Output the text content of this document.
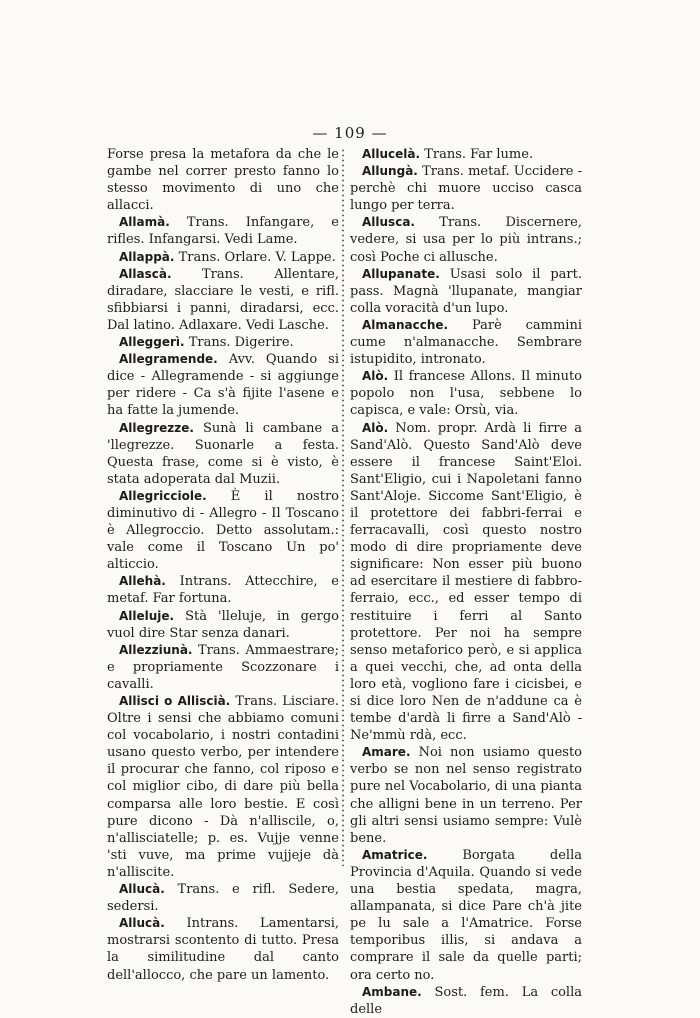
— 109 —

Forse presa la metafora da che le gambe nel correr presto fanno lo stesso movimento di uno che allacci.

Allamà. Trans. Infangare, e rifles. Infangarsi. Vedi Lame.

Allappà. Trans. Orlare. V. Lappe.

Allascà. Trans. Allentare, diradare, slacciare le vesti, e rifl. sfibbiarsi i panni, diradarsi, ecc. Dal latino. Adlaxare. Vedi Lasche.

Alleggerì. Trans. Digerire.

Allegramende. Avv. Quando si dice - Allegramende - si aggiunge per ridere - Ca s'à fijite l'asene e ha fatte la jumende.

Allegrezze. Sunà li cambane a 'llegrezze. Suonarle a festa. Questa frase, come si è visto, è stata adoperata dal Muzii.

Allegricciole. È il nostro diminutivo di - Allegro - Il Toscano è Allegroccio. Detto assolutam.: vale come il Toscano Un po' alticcio.

Allehà. Intrans. Attecchire, e metaf. Far fortuna.

Alleluje. Stà 'lleluje, in gergo vuol dire Star senza danari.

Allezziunà. Trans. Ammaestrare; e propriamente Scozzonare i cavalli.

Allisci o Alliscià. Trans. Lisciare. Oltre i sensi che abbiamo comuni col vocabolario, i nostri contadini usano questo verbo, per intendere il procurar che fanno, col riposo e col miglior cibo, di dare più bella comparsa alle loro bestie. E così pure dicono - Dà n'alliscile, o, n'allisciatelle; p. es. Vujje venne 'sti vuve, ma prime vujjeje dà n'alliscite.

Allucà. Trans. e rifl. Sedere, sedersi.

Allucà. Intrans. Lamentarsi, mostrarsi scontento di tutto. Presa la similitudine dal canto dell'allocco, che pare un lamento.

Allucelà. Trans. Far lume.

Allungà. Trans. metaf. Uccidere - perchè chi muore ucciso casca lungo per terra.

Allusca. Trans. Discernere, vedere, si usa per lo più intrans.; così Poche ci allusche.

Allupanate. Usasi solo il part. pass. Magnà 'llupanate, mangiar colla voracità d'un lupo.

Almanacche. Parè cammini cume n'almanacche. Sembrare istupidito, intronato.

Alò. Il francese Allons. Il minuto popolo non l'usa, sebbene lo capisca, e vale: Orsù, via.

Alò. Nom. propr. Ardà li firre a Sand'Alò. Questo Sand'Alò deve essere il francese Saint'Eloi. Sant'Eligio, cui i Napoletani fanno Sant'Aloje. Siccome Sant'Eligio, è il protettore dei fabbri-ferrai e ferracavalli, così questo nostro modo di dire propriamente deve significare: Non esser più buono ad esercitare il mestiere di fabbro-ferraio, ecc., ed esser tempo di restituire i ferri al Santo protettore. Per noi ha sempre senso metaforico però, e si applica a quei vecchi, che, ad onta della loro età, vogliono fare i cicisbei, e si dice loro Nen de n'addune ca è tembe d'ardà li firre a Sand'Alò - Ne'mmù rdà, ecc.

Amare. Noi non usiamo questo verbo se non nel senso registrato pure nel Vocabolario, di una pianta che alligni bene in un terreno. Per gli altri sensi usiamo sempre: Vulè bene.

Amatrice. Borgata della Provincia d'Aquila. Quando si vede una bestia spedata, magra, allampanata, si dice Pare ch'à jite pe lu sale a l'Amatrice. Forse temporibus illis, si andava a comprare il sale da quelle parti; ora certo no.

Ambane. Sost. fem. La colla delle
